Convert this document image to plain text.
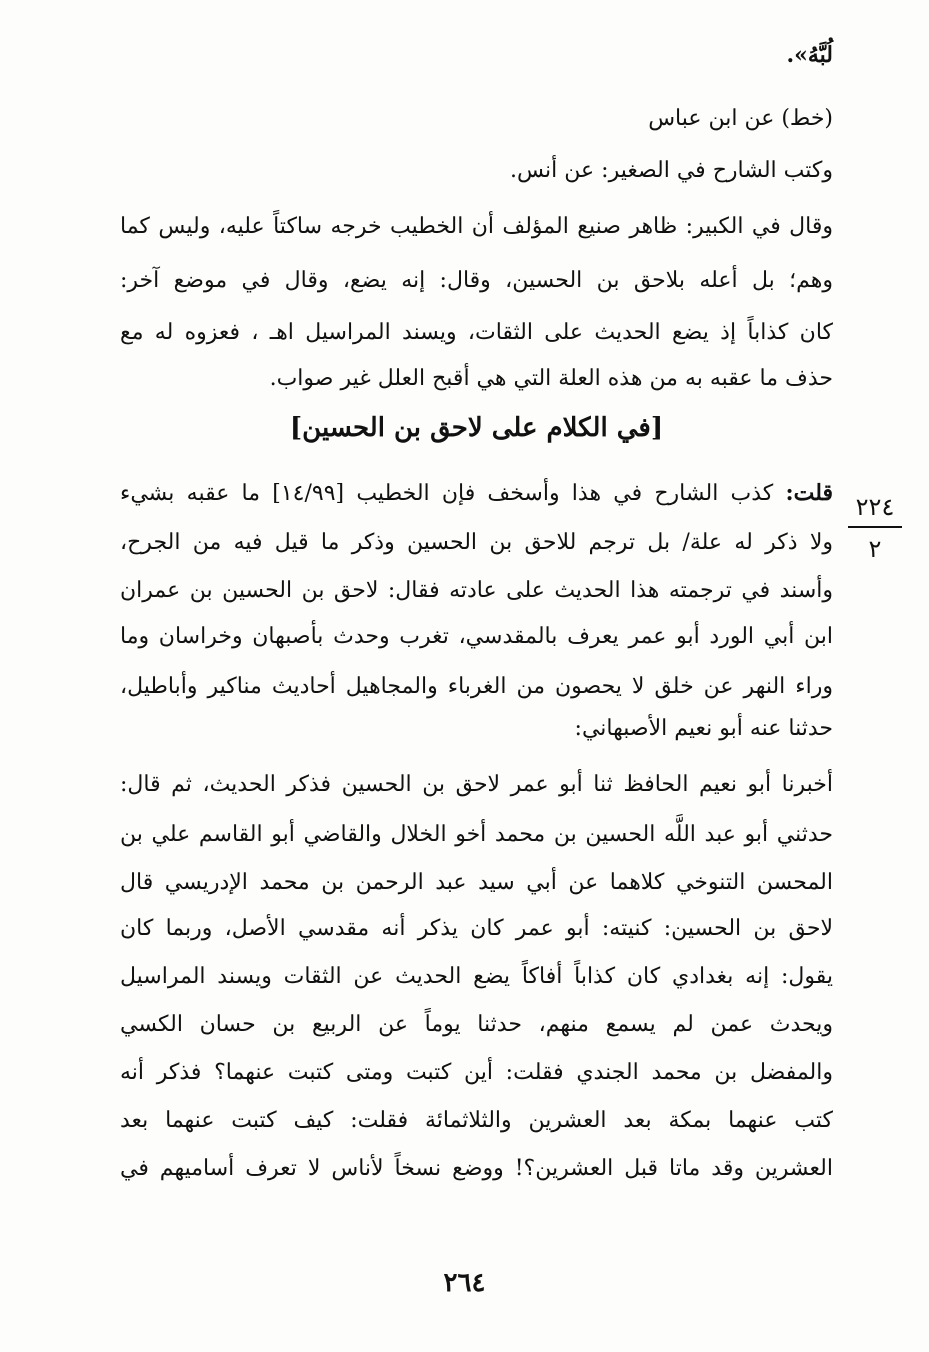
لُبَّهُ».
(خط) عن ابن عباس
وكتب الشارح في الصغير: عن أنس.
وقال في الكبير: ظاهر صنيع المؤلف أن الخطيب خرجه ساكتاً عليه، وليس كما
وهم؛ بل أعله بلاحق بن الحسين، وقال: إنه يضع، وقال في موضع آخر:
كان كذاباً إذ يضع الحديث على الثقات، ويسند المراسيل اهـ ، فعزوه له مع
حذف ما عقبه به من هذه العلة التي هي أقبح العلل غير صواب.
[في الكلام على لاحق بن الحسين]
قلت: كذب الشارح في هذا وأسخف فإن الخطيب [١٤/٩٩] ما عقبه بشيء
ولا ذكر له علة/ بل ترجم للاحق بن الحسين وذكر ما قيل فيه من الجرح،
وأسند في ترجمته هذا الحديث على عادته فقال: لاحق بن الحسين بن عمران
ابن أبي الورد أبو عمر يعرف بالمقدسي، تغرب وحدث بأصبهان وخراسان وما
وراء النهر عن خلق لا يحصون من الغرباء والمجاهيل أحاديث مناكير وأباطيل،
حدثنا عنه أبو نعيم الأصبهاني:
أخبرنا أبو نعيم الحافظ ثنا أبو عمر لاحق بن الحسين فذكر الحديث، ثم قال:
حدثني أبو عبد اللَّه الحسين بن محمد أخو الخلال والقاضي أبو القاسم علي بن
المحسن التنوخي كلاهما عن أبي سيد عبد الرحمن بن محمد الإدريسي قال
لاحق بن الحسين: كنيته: أبو عمر كان يذكر أنه مقدسي الأصل، وربما كان
يقول: إنه بغدادي كان كذاباً أفاكاً يضع الحديث عن الثقات ويسند المراسيل
ويحدث عمن لم يسمع منهم، حدثنا يوماً عن الربيع بن حسان الكسي
والمفضل بن محمد الجندي فقلت: أين كتبت ومتى كتبت عنهما؟ فذكر أنه
كتب عنهما بمكة بعد العشرين والثلاثمائة فقلت: كيف كتبت عنهما بعد
العشرين وقد ماتا قبل العشرين؟! ووضع نسخاً لأناس لا تعرف أساميهم في
٢٢٤
٢
٢٦٤
